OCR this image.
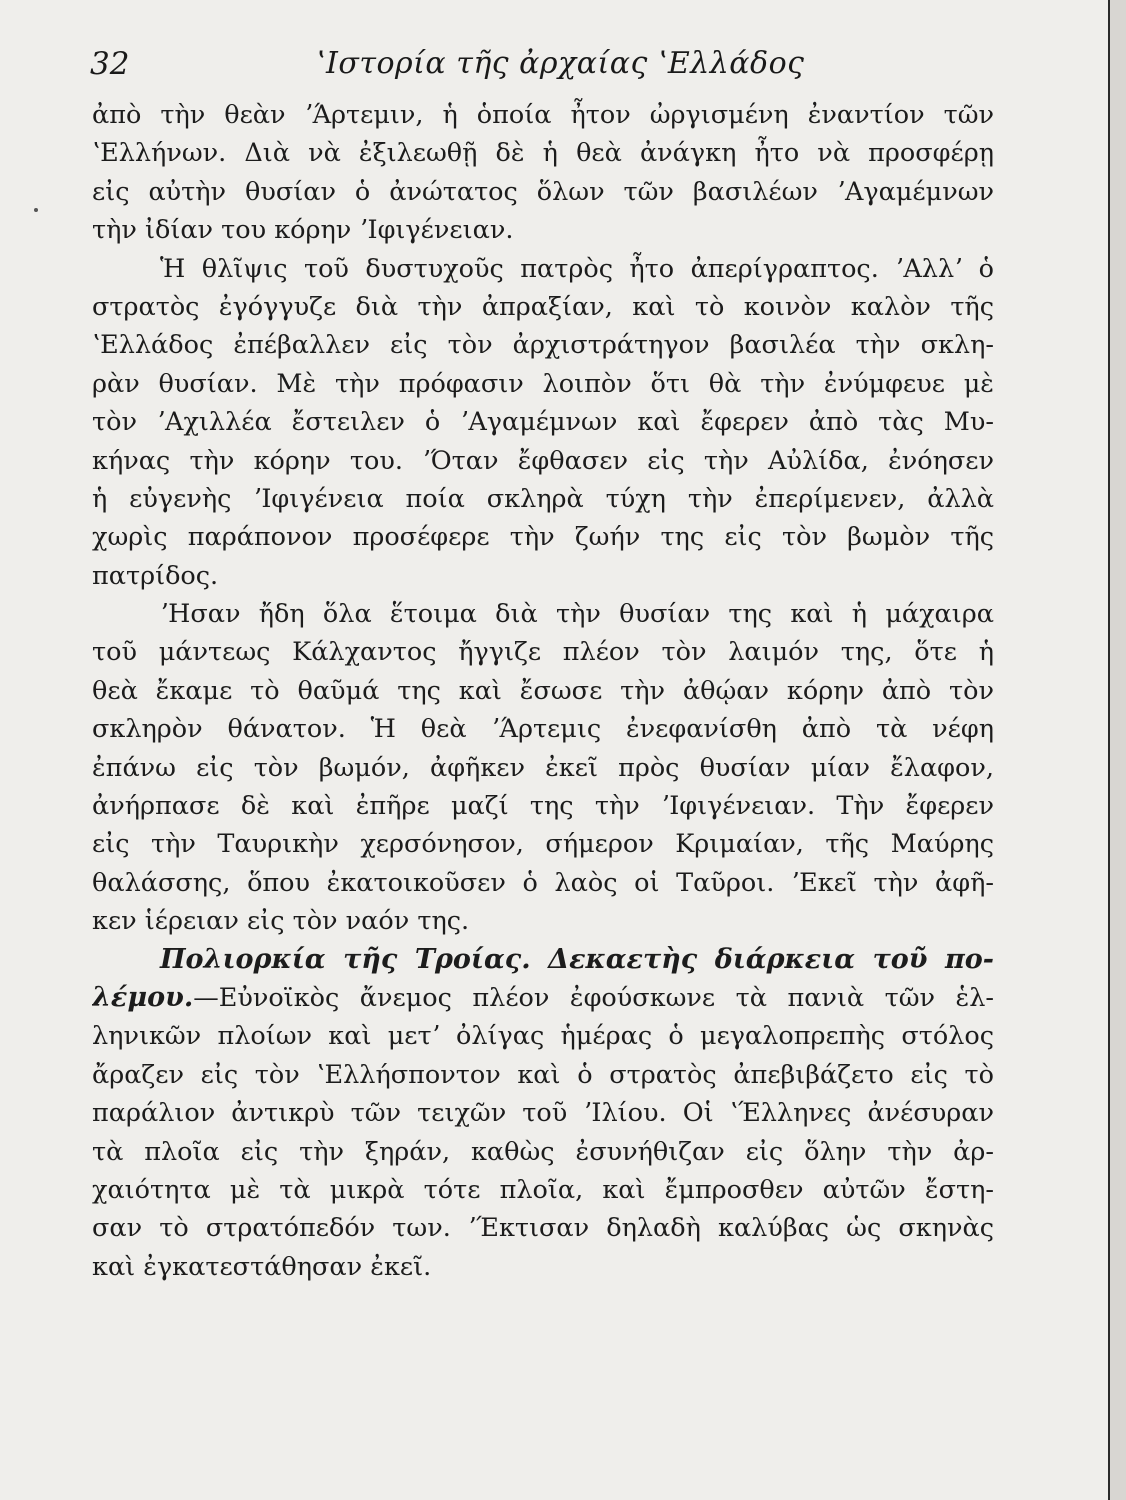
32	ʽΙστορία τῆς ἀρχαίας ʽΕλλάδος
ἀπὸ τὴν θεὰν ʼΆρτεμιν, ἡ ὁποία ἦτον ὠργισμένη ἐναντίον τῶν
ʽΕλλήνων. Διὰ νὰ ἐξιλεωθῇ δὲ ἡ θεὰ ἀνάγκη ἦτο νὰ προσφέρῃ
εἰς αὐτὴν θυσίαν ὁ ἀνώτατος ὅλων τῶν βασιλέων ʼΑγαμέμνων
τὴν ἰδίαν του κόρην ʼΙφιγένειαν.
Ἡ θλῖψις τοῦ δυστυχοῦς πατρὸς ἦτο ἀπερίγραπτος. ʼΑλλʼ ὁ
στρατὸς ἐγόγγυζε διὰ τὴν ἀπραξίαν, καὶ τὸ κοινὸν καλὸν τῆς
ʽΕλλάδος ἐπέβαλλεν εἰς τὸν ἀρχιστράτηγον βασιλέα τὴν σκλη-
ρὰν θυσίαν. Μὲ τὴν πρόφασιν λοιπὸν ὅτι θὰ τὴν ἐνύμφευε μὲ
τὸν ʼΑχιλλέα ἔστειλεν ὁ ʼΑγαμέμνων καὶ ἔφερεν ἀπὸ τὰς Μυ-
κήνας τὴν κόρην του. ʼΌταν ἔφθασεν εἰς τὴν Αὐλίδα, ἐνόησεν
ἡ εὐγενὴς ʼΙφιγένεια ποία σκληρὰ τύχη τὴν ἐπερίμενεν, ἀλλὰ
χωρὶς παράπονον προσέφερε τὴν ζωήν της εἰς τὸν βωμὸν τῆς
πατρίδος.
ʼΗσαν ἤδη ὅλα ἕτοιμα διὰ τὴν θυσίαν της καὶ ἡ μάχαιρα
τοῦ μάντεως Κάλχαντος ἤγγιζε πλέον τὸν λαιμόν της, ὅτε ἡ
θεὰ ἔκαμε τὸ θαῦμά της καὶ ἔσωσε τὴν ἀθῴαν κόρην ἀπὸ τὸν
σκληρὸν θάνατον. Ἡ θεὰ ʼΆρτεμις ἐνεφανίσθη ἀπὸ τὰ νέφη
ἐπάνω εἰς τὸν βωμόν, ἀφῆκεν ἐκεῖ πρὸς θυσίαν μίαν ἔλαφον,
ἀνήρπασε δὲ καὶ ἐπῆρε μαζί της τὴν ʼΙφιγένειαν. Τὴν ἔφερεν
εἰς τὴν Ταυρικὴν χερσόνησον, σήμερον Κριμαίαν, τῆς Μαύρης
θαλάσσης, ὅπου ἐκατοικοῦσεν ὁ λαὸς οἱ Ταῦροι. ʼΕκεῖ τὴν ἀφῆ-
κεν ἱέρειαν εἰς τὸν ναόν της.
Πολιορκία τῆς Τροίας. Δεκαετὴς διάρκεια τοῦ πο-
λέμου.—Εὐνοϊκὸς ἄνεμος πλέον ἐφούσκωνε τὰ πανιὰ τῶν ἑλ-
ληνικῶν πλοίων καὶ μετʼ ὀλίγας ἡμέρας ὁ μεγαλοπρεπὴς στόλος
ἄραζεν εἰς τὸν ʽΕλλήσποντον καὶ ὁ στρατὸς ἀπεβιβάζετο εἰς τὸ
παράλιον ἀντικρὺ τῶν τειχῶν τοῦ ʼΙλίου. Οἱ ʽΈλληνες ἀνέσυραν
τὰ πλοῖα εἰς τὴν ξηράν, καθὼς ἐσυνήθιζαν εἰς ὅλην τὴν ἀρ-
χαιότητα μὲ τὰ μικρὰ τότε πλοῖα, καὶ ἔμπροσθεν αὐτῶν ἔστη-
σαν τὸ στρατόπεδόν των. ʼΈκτισαν δηλαδὴ καλύβας ὡς σκηνὰς
καὶ ἐγκατεστάθησαν ἐκεῖ.
